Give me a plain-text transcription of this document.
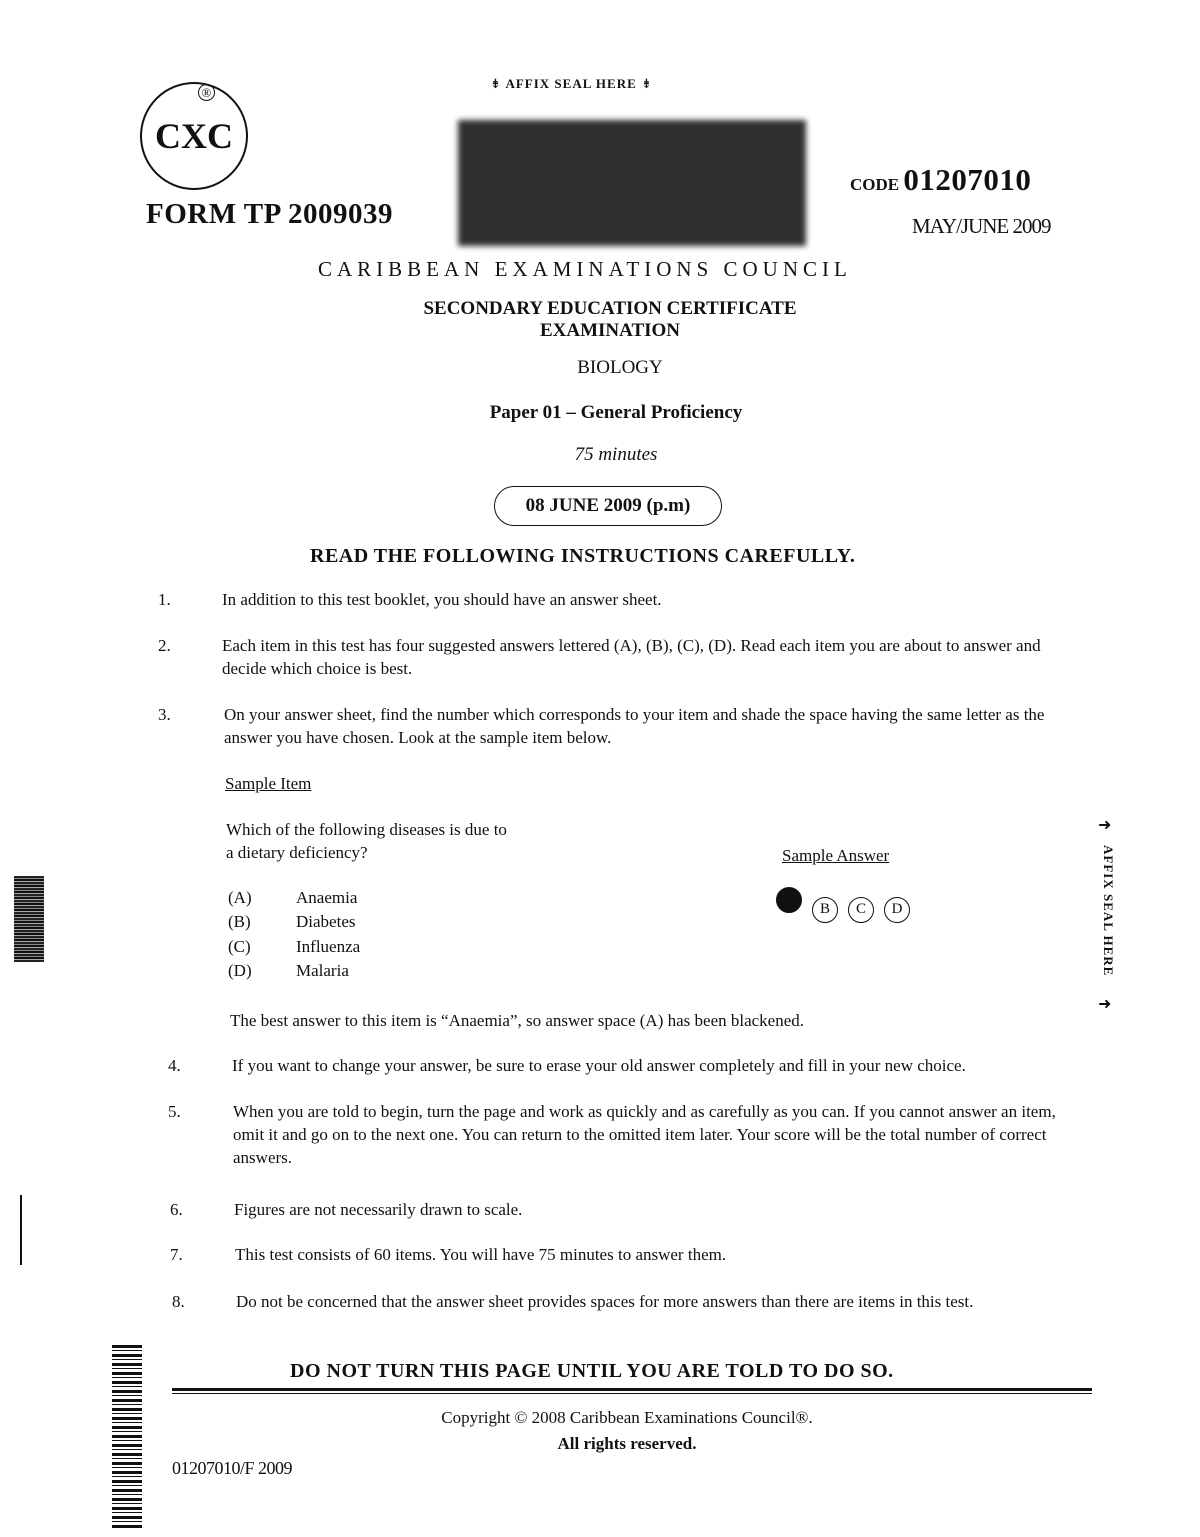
⇟ AFFIX SEAL HERE ⇟
CXC
®
FORM TP 2009039
CODE 01207010
MAY/JUNE 2009
CARIBBEAN EXAMINATIONS COUNCIL
SECONDARY EDUCATION CERTIFICATE
EXAMINATION
BIOLOGY
Paper 01 – General Proficiency
75 minutes
08 JUNE 2009 (p.m)
READ THE FOLLOWING INSTRUCTIONS CAREFULLY.
1.	In addition to this test booklet, you should have an answer sheet.
2.	Each item in this test has four suggested answers lettered (A), (B), (C), (D). Read each item you are about to answer and decide which choice is best.
3.	On your answer sheet, find the number which corresponds to your item and shade the space having the same letter as the answer you have chosen. Look at the sample item below.
Sample Item
Which of the following diseases is due to
a dietary deficiency?
(A)	Anaemia
(B)	Diabetes
(C)	Influenza
(D)	Malaria
Sample Answer
B C D
The best answer to this item is “Anaemia”, so answer space (A) has been blackened.
4.	If you want to change your answer, be sure to erase your old answer completely and fill in your new choice.
5.	When you are told to begin, turn the page and work as quickly and as carefully as you can. If you cannot answer an item, omit it and go on to the next one. You can return to the omitted item later. Your score will be the total number of correct answers.
6.	Figures are not necessarily drawn to scale.
7.	This test consists of 60 items. You will have 75 minutes to answer them.
8.	Do not be concerned that the answer sheet provides spaces for more answers than there are items in this test.
DO NOT TURN THIS PAGE UNTIL YOU ARE TOLD TO DO SO.
Copyright © 2008 Caribbean Examinations Council®.
All rights reserved.
01207010/F 2009
➜
AFFIX SEAL HERE
➜
